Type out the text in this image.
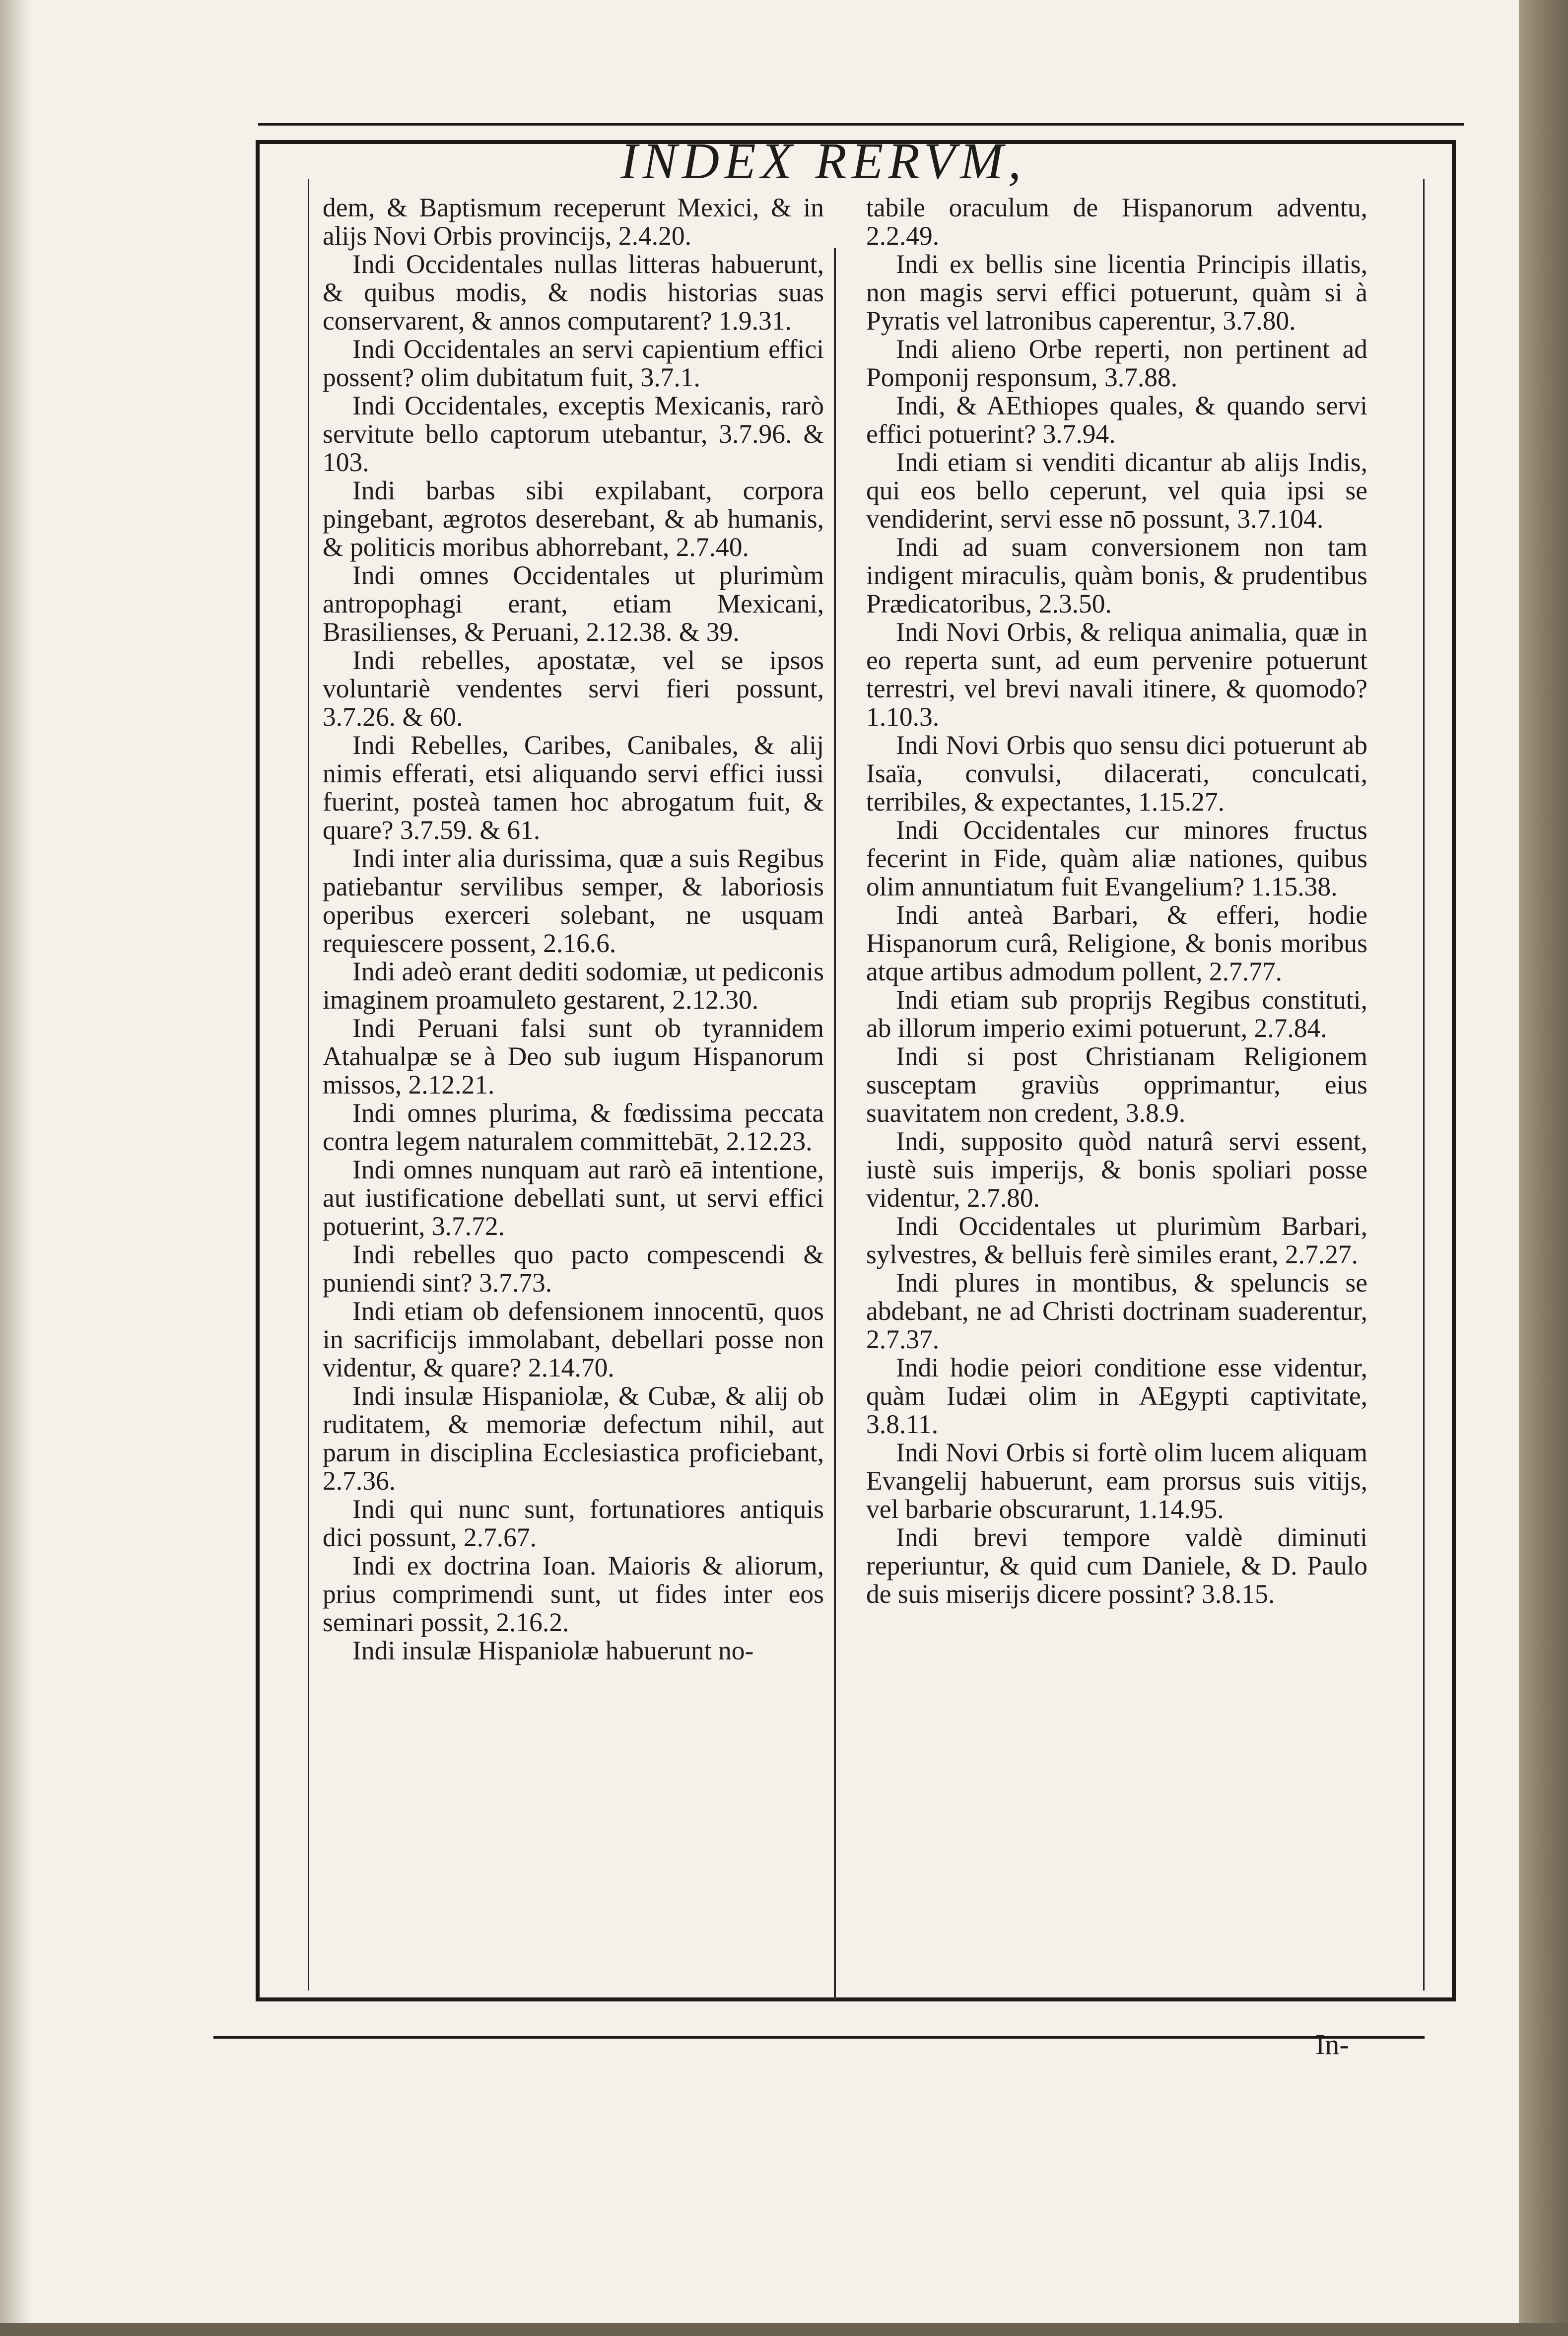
INDEX RERVM,

dem, & Baptismum receperunt Mexici, & in alijs Novi Orbis provincijs, 2.4.20.

Indi Occidentales nullas litteras habuerunt, & quibus modis, & nodis historias suas conservarent, & annos computarent? 1.9.31.

Indi Occidentales an servi capientium effici possent? olim dubitatum fuit, 3.7.1.

Indi Occidentales, exceptis Mexicanis, rarò servitute bello captorum utebantur, 3.7.96. & 103.

Indi barbas sibi expilabant, corpora pingebant, ægrotos deserebant, & ab humanis, & politicis moribus abhorrebant, 2.7.40.

Indi omnes Occidentales ut plurimùm antropophagi erant, etiam Mexicani, Brasilienses, & Peruani, 2.12.38. & 39.

Indi rebelles, apostatæ, vel se ipsos voluntariè vendentes servi fieri possunt, 3.7.26. & 60.

Indi Rebelles, Caribes, Canibales, & alij nimis efferati, etsi aliquando servi effici iussi fuerint, posteà tamen hoc abrogatum fuit, & quare? 3.7.59. & 61.

Indi inter alia durissima, quæ a suis Regibus patiebantur servilibus semper, & laboriosis operibus exerceri solebant, ne usquam requiescere possent, 2.16.6.

Indi adeò erant dediti sodomiæ, ut pediconis imaginem proamuleto gestarent, 2.12.30.

Indi Peruani falsi sunt ob tyrannidem Atahualpæ se à Deo sub iugum Hispanorum missos, 2.12.21.

Indi omnes plurima, & fœdissima peccata contra legem naturalem committebāt, 2.12.23.

Indi omnes nunquam aut rarò eā intentione, aut iustificatione debellati sunt, ut servi effici potuerint, 3.7.72.

Indi rebelles quo pacto compescendi & puniendi sint? 3.7.73.

Indi etiam ob defensionem innocentū, quos in sacrificijs immolabant, debellari posse non videntur, & quare? 2.14.70.

Indi insulæ Hispaniolæ, & Cubæ, & alij ob ruditatem, & memoriæ defectum nihil, aut parum in disciplina Ecclesiastica proficiebant, 2.7.36.

Indi qui nunc sunt, fortunatiores antiquis dici possunt, 2.7.67.

Indi ex doctrina Ioan. Maioris & aliorum, prius comprimendi sunt, ut fides inter eos seminari possit, 2.16.2.

Indi insulæ Hispaniolæ habuerunt no-

tabile oraculum de Hispanorum adventu, 2.2.49.

Indi ex bellis sine licentia Principis illatis, non magis servi effici potuerunt, quàm si à Pyratis vel latronibus caperentur, 3.7.80.

Indi alieno Orbe reperti, non pertinent ad Pomponij responsum, 3.7.88.

Indi, & AEthiopes quales, & quando servi effici potuerint? 3.7.94.

Indi etiam si venditi dicantur ab alijs Indis, qui eos bello ceperunt, vel quia ipsi se vendiderint, servi esse nō possunt, 3.7.104.

Indi ad suam conversionem non tam indigent miraculis, quàm bonis, & prudentibus Prædicatoribus, 2.3.50.

Indi Novi Orbis, & reliqua animalia, quæ in eo reperta sunt, ad eum pervenire potuerunt terrestri, vel brevi navali itinere, & quomodo? 1.10.3.

Indi Novi Orbis quo sensu dici potuerunt ab Isaïa, convulsi, dilacerati, conculcati, terribiles, & expectantes, 1.15.27.

Indi Occidentales cur minores fructus fecerint in Fide, quàm aliæ nationes, quibus olim annuntiatum fuit Evangelium? 1.15.38.

Indi anteà Barbari, & efferi, hodie Hispanorum curâ, Religione, & bonis moribus atque artibus admodum pollent, 2.7.77.

Indi etiam sub proprijs Regibus constituti, ab illorum imperio eximi potuerunt, 2.7.84.

Indi si post Christianam Religionem susceptam graviùs opprimantur, eius suavitatem non credent, 3.8.9.

Indi, supposito quòd naturâ servi essent, iustè suis imperijs, & bonis spoliari posse videntur, 2.7.80.

Indi Occidentales ut plurimùm Barbari, sylvestres, & belluis ferè similes erant, 2.7.27.

Indi plures in montibus, & speluncis se abdebant, ne ad Christi doctrinam suaderentur, 2.7.37.

Indi hodie peiori conditione esse videntur, quàm Iudæi olim in AEgypti captivitate, 3.8.11.

Indi Novi Orbis si fortè olim lucem aliquam Evangelij habuerunt, eam prorsus suis vitijs, vel barbarie obscurarunt, 1.14.95.

Indi brevi tempore valdè diminuti reperiuntur, & quid cum Daniele, & D. Paulo de suis miserijs dicere possint? 3.8.15.

In-
